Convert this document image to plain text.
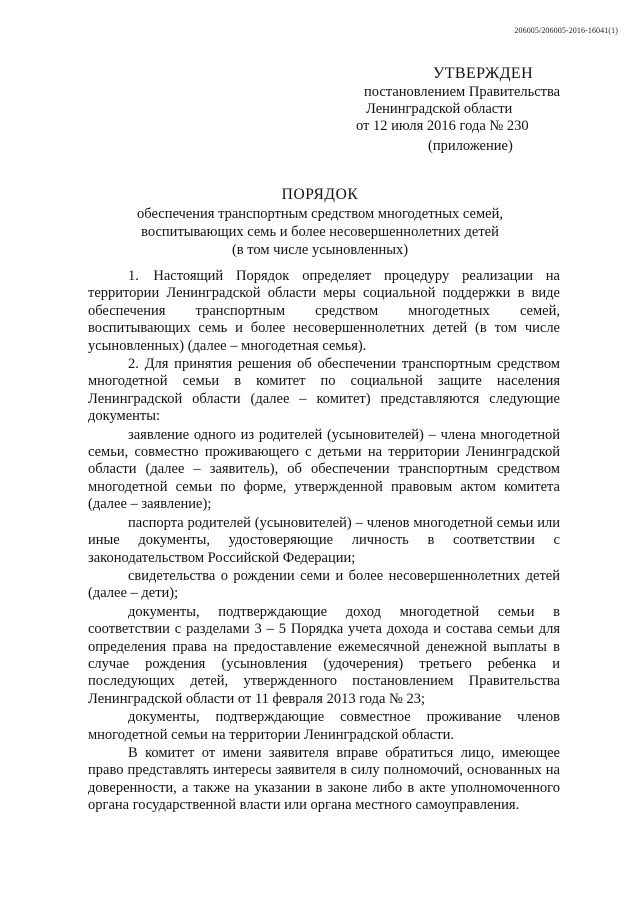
206005/206005-2016-16041(1)
УТВЕРЖДЕН
постановлением Правительства
Ленинградской области
от 12 июля 2016 года № 230
(приложение)
ПОРЯДОК
обеспечения транспортным средством многодетных семей,
воспитывающих семь и более несовершеннолетних детей
(в том числе усыновленных)

1. Настоящий Порядок определяет процедуру реализации на территории Ленинградской области меры социальной поддержки в виде обеспечения транспортным средством многодетных семей, воспитывающих семь и более несовершеннолетних детей (в том числе усыновленных) (далее – многодетная семья).

2. Для принятия решения об обеспечении транспортным средством многодетной семьи в комитет по социальной защите населения Ленинградской области (далее – комитет) представляются следующие документы:

заявление одного из родителей (усыновителей) – члена многодетной семьи, совместно проживающего с детьми на территории Ленинградской области (далее – заявитель), об обеспечении транспортным средством многодетной семьи по форме, утвержденной правовым актом комитета (далее – заявление);

паспорта родителей (усыновителей) – членов многодетной семьи или иные документы, удостоверяющие личность в соответствии с законодательством Российской Федерации;

свидетельства о рождении семи и более несовершеннолетних детей (далее – дети);

документы, подтверждающие доход многодетной семьи в соответствии с разделами 3 – 5 Порядка учета дохода и состава семьи для определения права на предоставление ежемесячной денежной выплаты в случае рождения (усыновления (удочерения) третьего ребенка и последующих детей, утвержденного постановлением Правительства Ленинградской области от 11 февраля 2013 года № 23;

документы, подтверждающие совместное проживание членов многодетной семьи на территории Ленинградской области.

В комитет от имени заявителя вправе обратиться лицо, имеющее право представлять интересы заявителя в силу полномочий, основанных на доверенности, а также на указании в законе либо в акте уполномоченного органа государственной власти или органа местного самоуправления.
